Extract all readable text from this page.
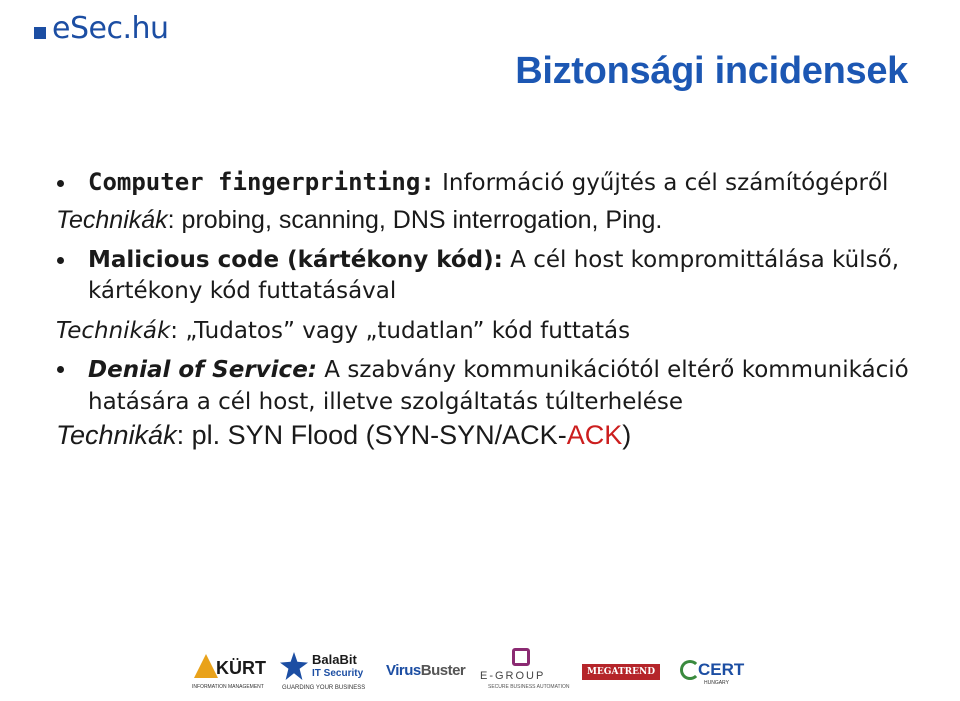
eSec.hu
Biztonsági incidensek
Computer fingerprinting: Információ gyűjtés a cél számítógépről
Technikák: probing, scanning, DNS interrogation, Ping.
Malicious code (kártékony kód): A cél host kompromittálása külső, kártékony kód futtatásával
Technikák: „Tudatos” vagy „tudatlan” kód futtatás
Denial of Service: A szabvány kommunikációtól eltérő kommunikáció hatására a cél host, illetve szolgáltatás túlterhelése
Technikák: pl. SYN Flood (SYN-SYN/ACK-ACK)
KÜRT
INFORMATION MANAGEMENT
BalaBit
IT Security
GUARDING YOUR BUSINESS
VirusBuster E-GROUP
SECURE BUSINESS AUTOMATION
MEGATREND	CERT
HUNGARY
